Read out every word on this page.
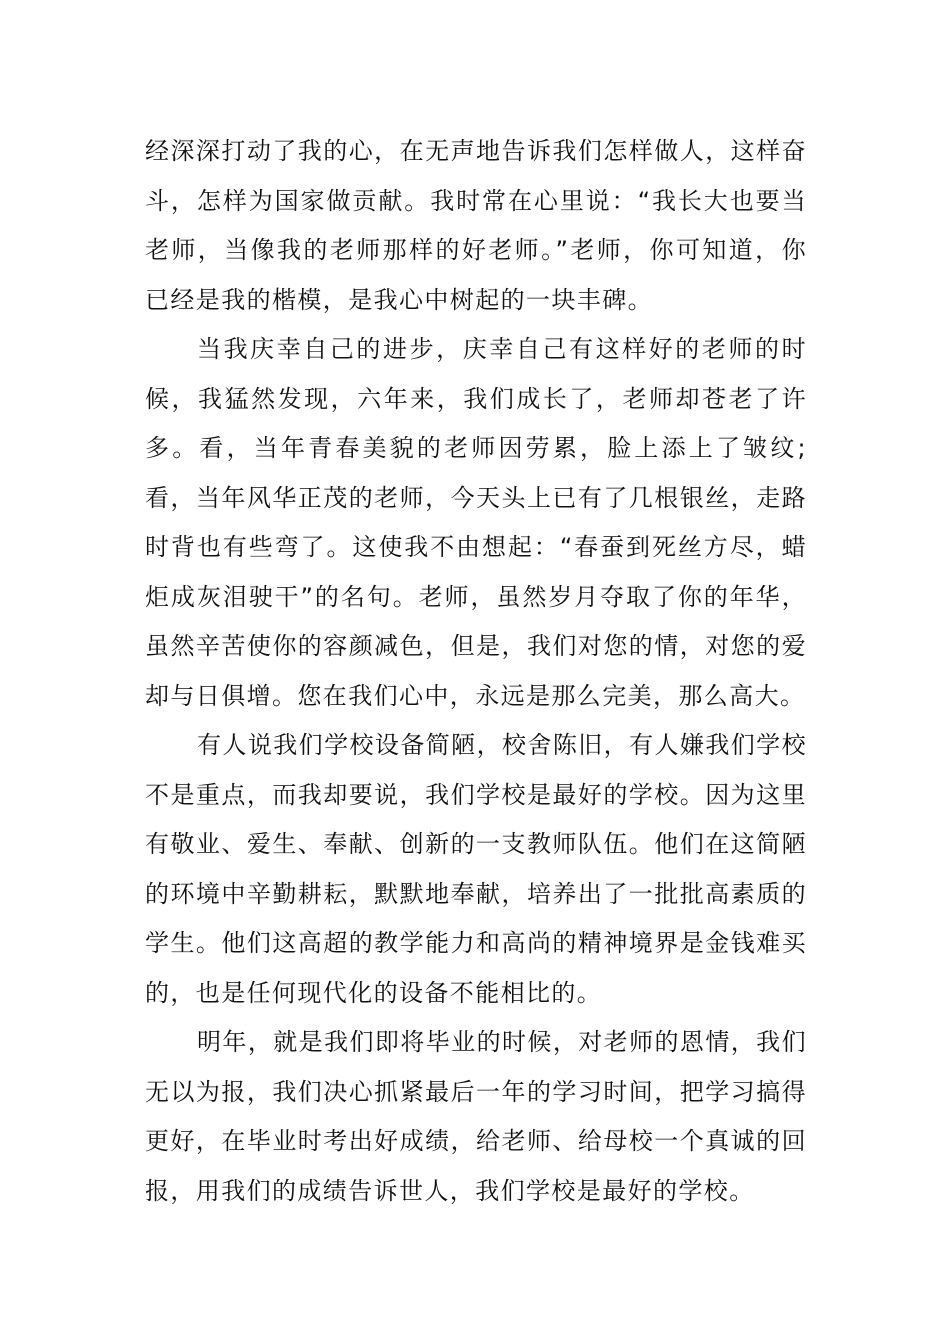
经深深打动了我的心，在无声地告诉我们怎样做人，这样奋斗，怎样为国家做贡献。我时常在心里说：“我长大也要当老师，当像我的老师那样的好老师。”老师，你可知道，你已经是我的楷模，是我心中树起的一块丰碑。

当我庆幸自己的进步，庆幸自己有这样好的老师的时候，我猛然发现，六年来，我们成长了，老师却苍老了许多。看，当年青春美貌的老师因劳累，脸上添上了皱纹;看，当年风华正茂的老师，今天头上已有了几根银丝，走路时背也有些弯了。这使我不由想起：“春蚕到死丝方尽，蜡炬成灰泪驶干”的名句。老师，虽然岁月夺取了你的年华，虽然辛苦使你的容颜减色，但是，我们对您的情，对您的爱却与日俱增。您在我们心中，永远是那么完美，那么高大。

有人说我们学校设备简陋，校舍陈旧，有人嫌我们学校不是重点，而我却要说，我们学校是最好的学校。因为这里有敬业、爱生、奉献、创新的一支教师队伍。他们在这简陋的环境中辛勤耕耘，默默地奉献，培养出了一批批高素质的学生。他们这高超的教学能力和高尚的精神境界是金钱难买的，也是任何现代化的设备不能相比的。

明年，就是我们即将毕业的时候，对老师的恩情，我们无以为报，我们决心抓紧最后一年的学习时间，把学习搞得更好，在毕业时考出好成绩，给老师、给母校一个真诚的回报，用我们的成绩告诉世人，我们学校是最好的学校。
